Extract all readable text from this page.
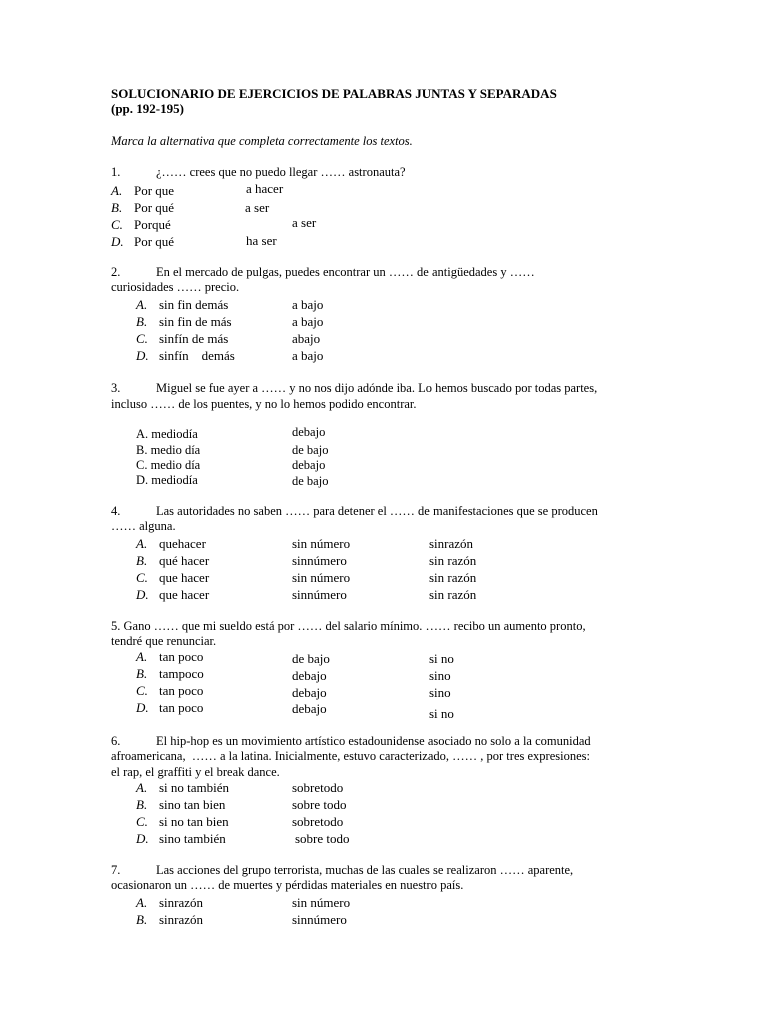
SOLUCIONARIO DE EJERCICIOS DE PALABRAS JUNTAS Y SEPARADAS
(pp. 192-195)
Marca la alternativa que completa correctamente los textos.
1.	¿…… crees que no puedo llegar …… astronauta?
A. Por que	a hacer
B. Por qué	a ser
C. Porqué	a ser
D. Por qué	ha ser
2.	En el mercado de pulgas, puedes encontrar un …… de antigüedades y ……
curiosidades …… precio.
A. sin fin demás	a bajo
B. sin fin de más	a bajo
C. sinfín de más	abajo
D. sinfín    demás	a bajo
3.	Miguel se fue ayer a …… y no nos dijo adónde iba. Lo hemos buscado por todas partes,
incluso …… de los puentes, y no lo hemos podido encontrar.
A. mediodía	debajo
B. medio día	de bajo
C. medio día	debajo
D. mediodía	de bajo
4.	Las autoridades no saben …… para detener el …… de manifestaciones que se producen
…… alguna.
A. quehacer	sin número	sinrazón
B. qué hacer	sinnúmero	sin razón
C. que hacer	sin número	sin razón
D. que hacer	sinnúmero	sin razón
5. Gano …… que mi sueldo está por …… del salario mínimo. …… recibo un aumento pronto,
tendré que renunciar.
A. tan poco	de bajo	si no
B. tampoco	debajo	sino
C. tan poco	debajo	sino
D. tan poco	debajo	si no
6.	El hip-hop es un movimiento artístico estadounidense asociado no solo a la comunidad
afroamericana,  …… a la latina. Inicialmente, estuvo caracterizado, …… , por tres expresiones:
el rap, el graffiti y el break dance.
A. si no también	sobretodo
B. sino tan bien	sobre todo
C. si no tan bien	sobretodo
D. sino también	sobre todo
7.	Las acciones del grupo terrorista, muchas de las cuales se realizaron …… aparente,
ocasionaron un …… de muertes y pérdidas materiales en nuestro país.
A. sinrazón	sin número
B. sinrazón	sinnúmero
